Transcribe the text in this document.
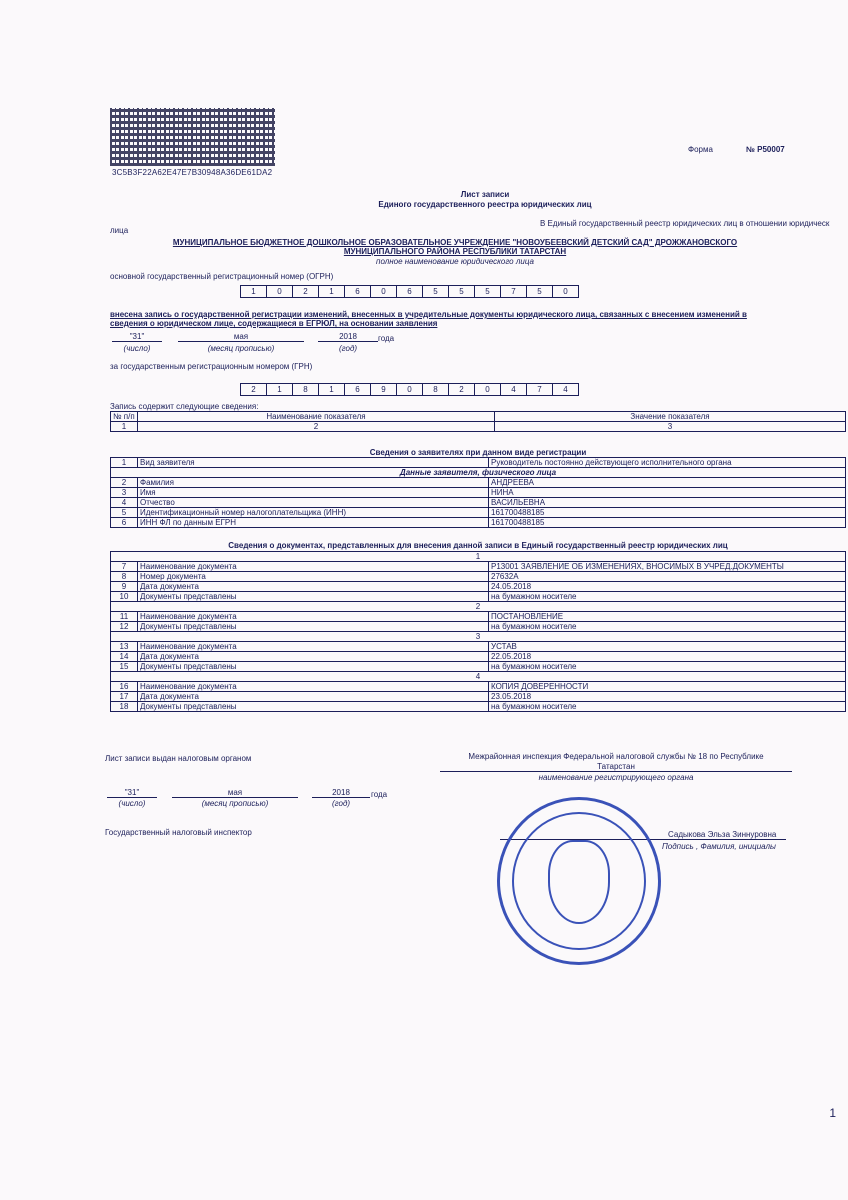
3C5B3F22A62E47E7B30948A36DE61DA2
Форма	№ Р50007
Лист записи
Единого государственного реестра юридических лиц
В Единый государственный реестр юридических лиц в отношении юридическ
лица
МУНИЦИПАЛЬНОЕ БЮДЖЕТНОЕ ДОШКОЛЬНОЕ ОБРАЗОВАТЕЛЬНОЕ УЧРЕЖДЕНИЕ "НОВОУБЕЕВСКИЙ ДЕТСКИЙ САД" ДРОЖЖАНОВСКОГО
МУНИЦИПАЛЬНОГО РАЙОНА РЕСПУБЛИКИ ТАТАРСТАН
полное наименование юридического лица
основной государственный регистрационный номер (ОГРН)
1	0	2	1	6	0	6	5	5	5	7	5	0
внесена запись о государственной регистрации изменений, внесенных в учредительные документы юридического лица, связанных с внесением изменений в
сведения о юридическом лице, содержащиеся в ЕГРЮЛ, на основании заявления
"31"	мая	2018	года
(число)	(месяц прописью)	(год)
за государственным регистрационным номером (ГРН)
2	1	8	1	6	9	0	8	2	0	4	7	4
Запись содержит следующие сведения:
№ п/п	Наименование показателя	Значение показателя
1	2	3
Сведения о заявителях при данном виде регистрации
1	Вид заявителя	Руководитель постоянно действующего исполнительного органа
Данные заявителя, физического лица		
2	Фамилия	АНДРЕЕВА
3	Имя	НИНА
4	Отчество	ВАСИЛЬЕВНА
5	Идентификационный номер налогоплательщика (ИНН)	161700488185
6	ИНН ФЛ по данным ЕГРН	161700488185
Сведения о документах, представленных для внесения данной записи в Единый государственный реестр юридических лиц
1		
7	Наименование документа	Р13001 ЗАЯВЛЕНИЕ ОБ ИЗМЕНЕНИЯХ, ВНОСИМЫХ В УЧРЕД.ДОКУМЕНТЫ
8	Номер документа	27632А
9	Дата документа	24.05.2018
10	Документы представлены	на бумажном носителе
2		
11	Наименование документа	ПОСТАНОВЛЕНИЕ
12	Документы представлены	на бумажном носителе
3		
13	Наименование документа	УСТАВ
14	Дата документа	22.05.2018
15	Документы представлены	на бумажном носителе
4		
16	Наименование документа	КОПИЯ ДОВЕРЕННОСТИ
17	Дата документа	23.05.2018
18	Документы представлены	на бумажном носителе
Лист записи выдан налоговым органом	Межрайонная инспекция Федеральной налоговой службы № 18 по Республике
Татарстан
наименование регистрирующего органа
"31"	мая	2018	года
(число)	(месяц прописью)	(год)
Государственный налоговый инспектор	Садыкова Эльза Зиннуровна
Подпись , Фамилия, инициалы
1
